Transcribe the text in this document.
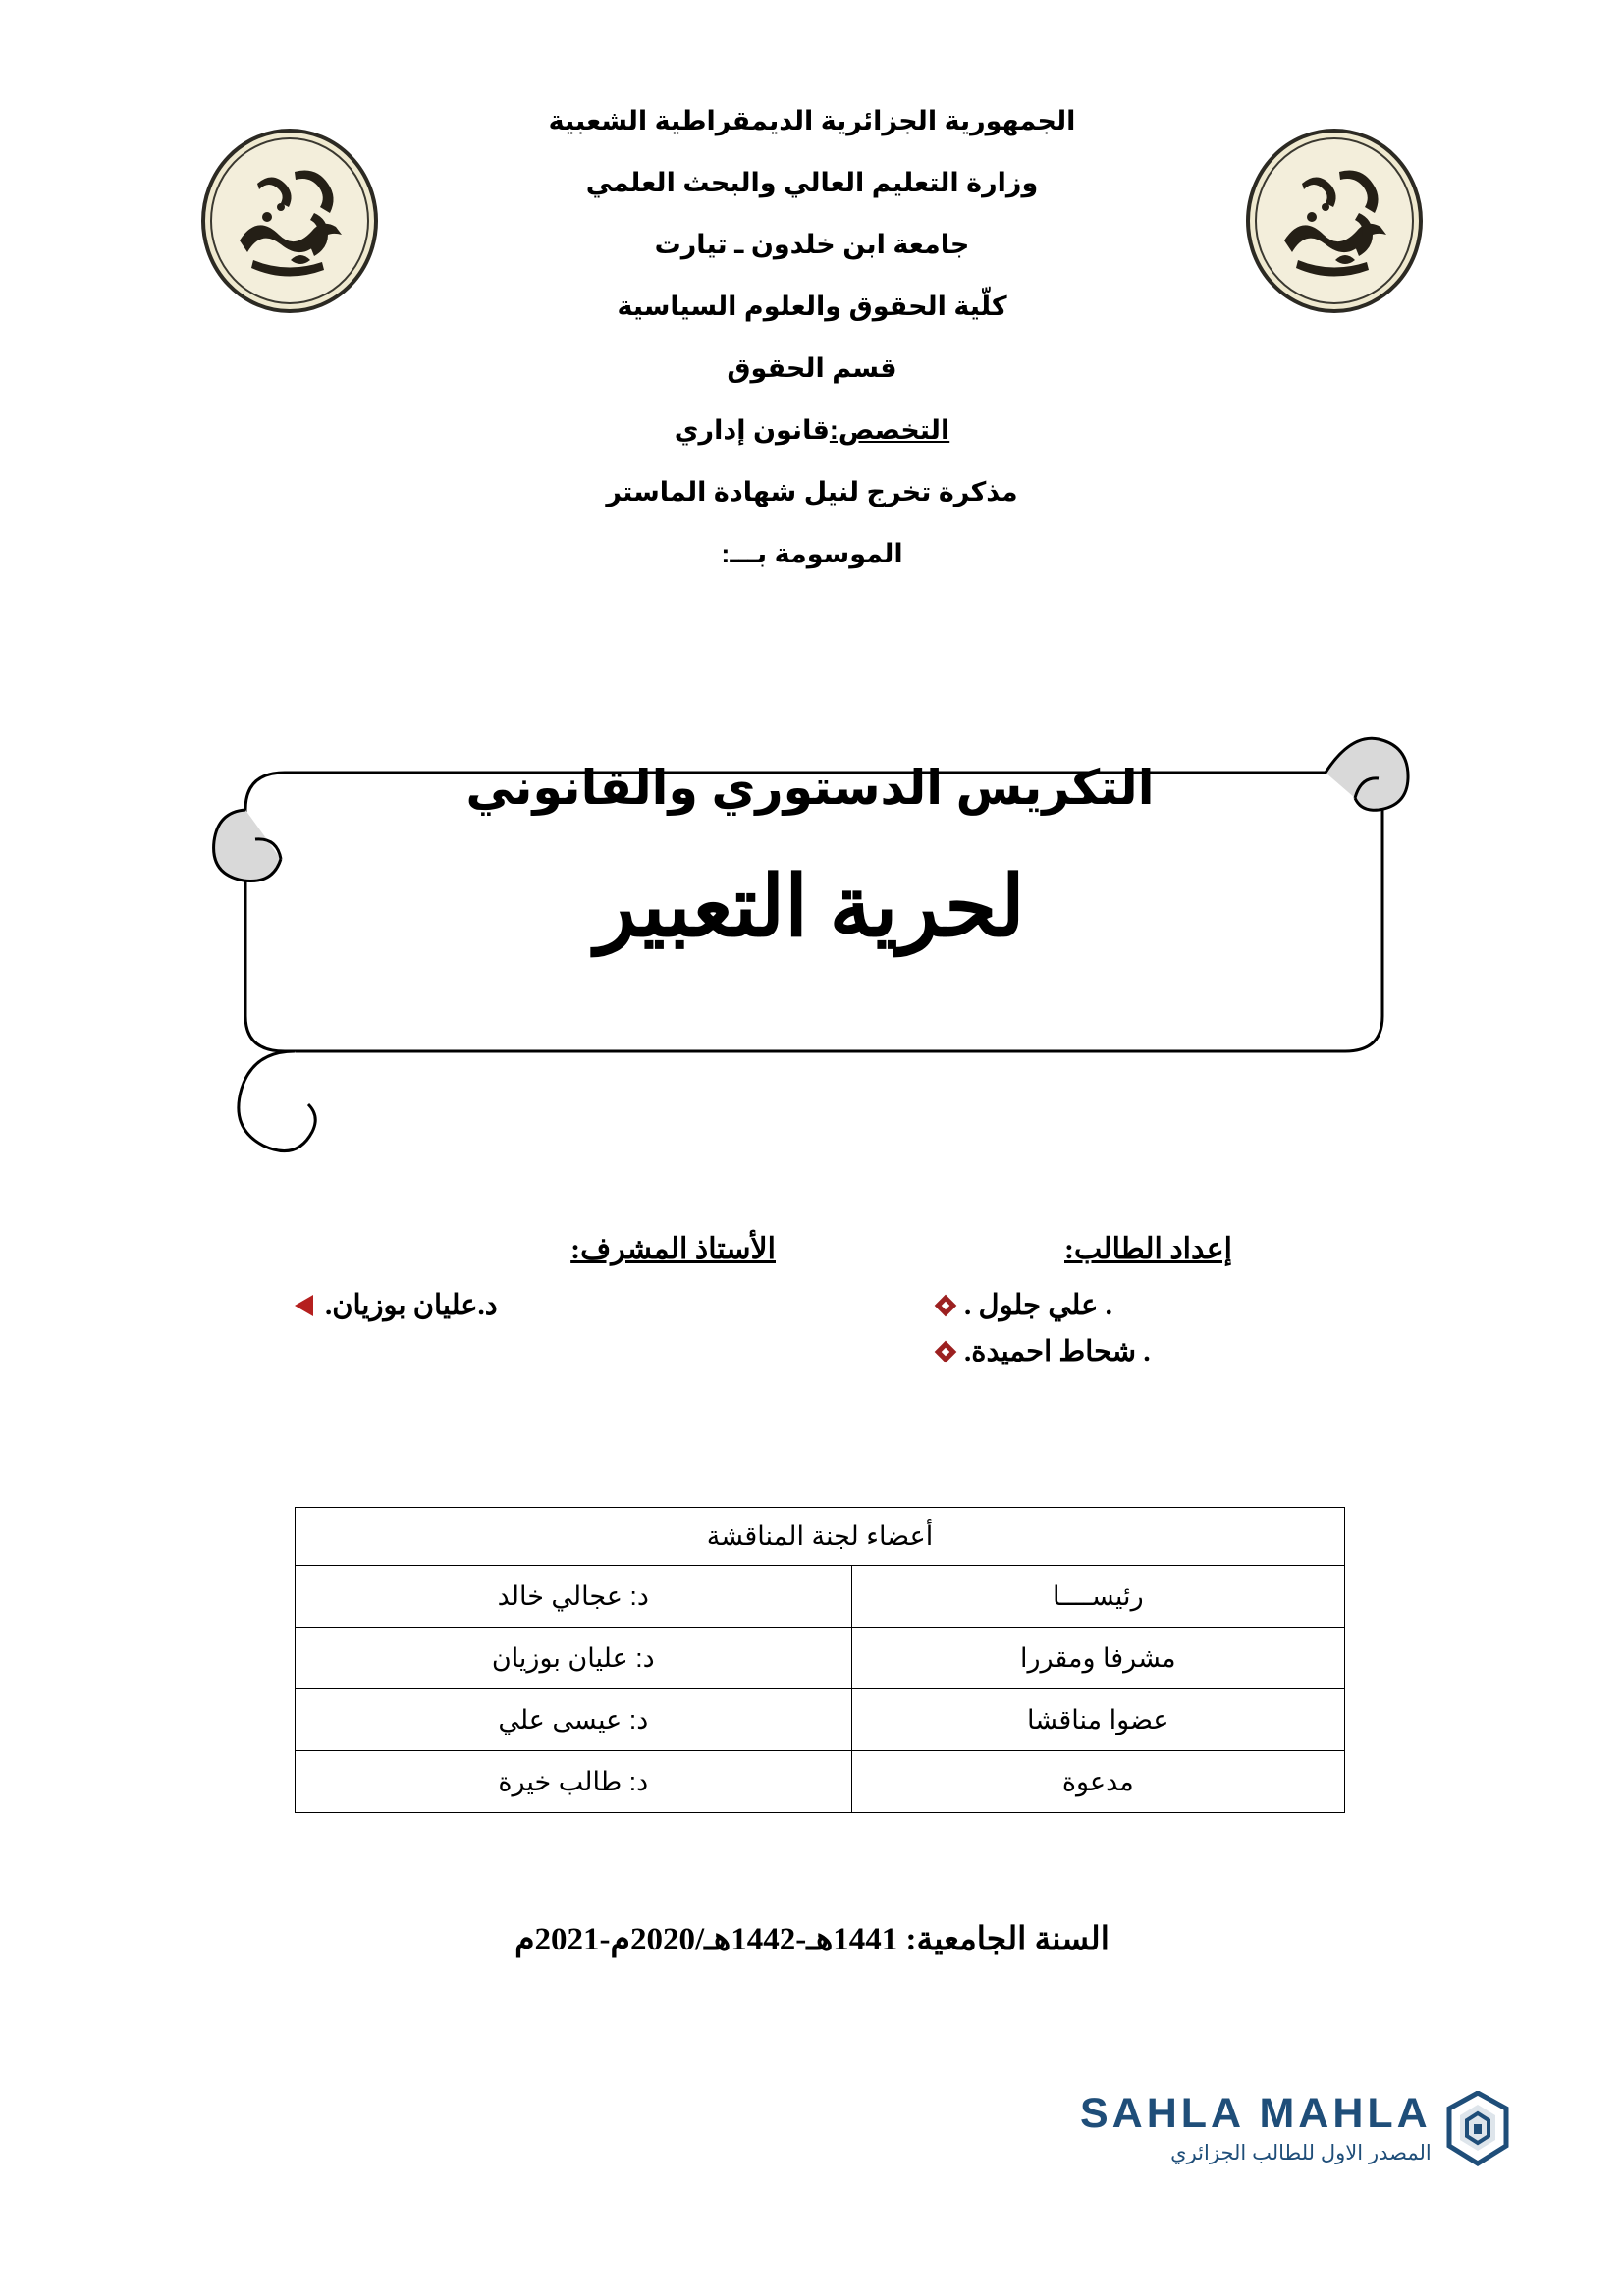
الجمهورية الجزائرية الديمقراطية الشعبية
وزارة التعليم العالي والبحث العلمي
جامعة ابن خلدون ـ تيارت
كلّية الحقوق والعلوم السياسية
قسم الحقوق
التخصص:قانون إداري
مذكرة تخرج لنيل شهادة الماستر
الموسومة بـــ:
التكريس الدستوري والقانوني
لحرية التعبير
إعداد الطالب:
. علي جلول .
. شحاط احميدة.
الأستاذ المشرف:
د.عليان بوزيان.
أعضاء لجنة المناقشة	
رئيســــا	د: عجالي خالد
مشرفا ومقررا	د: عليان بوزيان
عضوا مناقشا	د: عيسى علي
مدعوة	د: طالب خيرة
السنة الجامعية: 1441هـ-1442هـ/2020م-2021م
SAHLA MAHLA
المصدر الاول للطالب الجزائري
